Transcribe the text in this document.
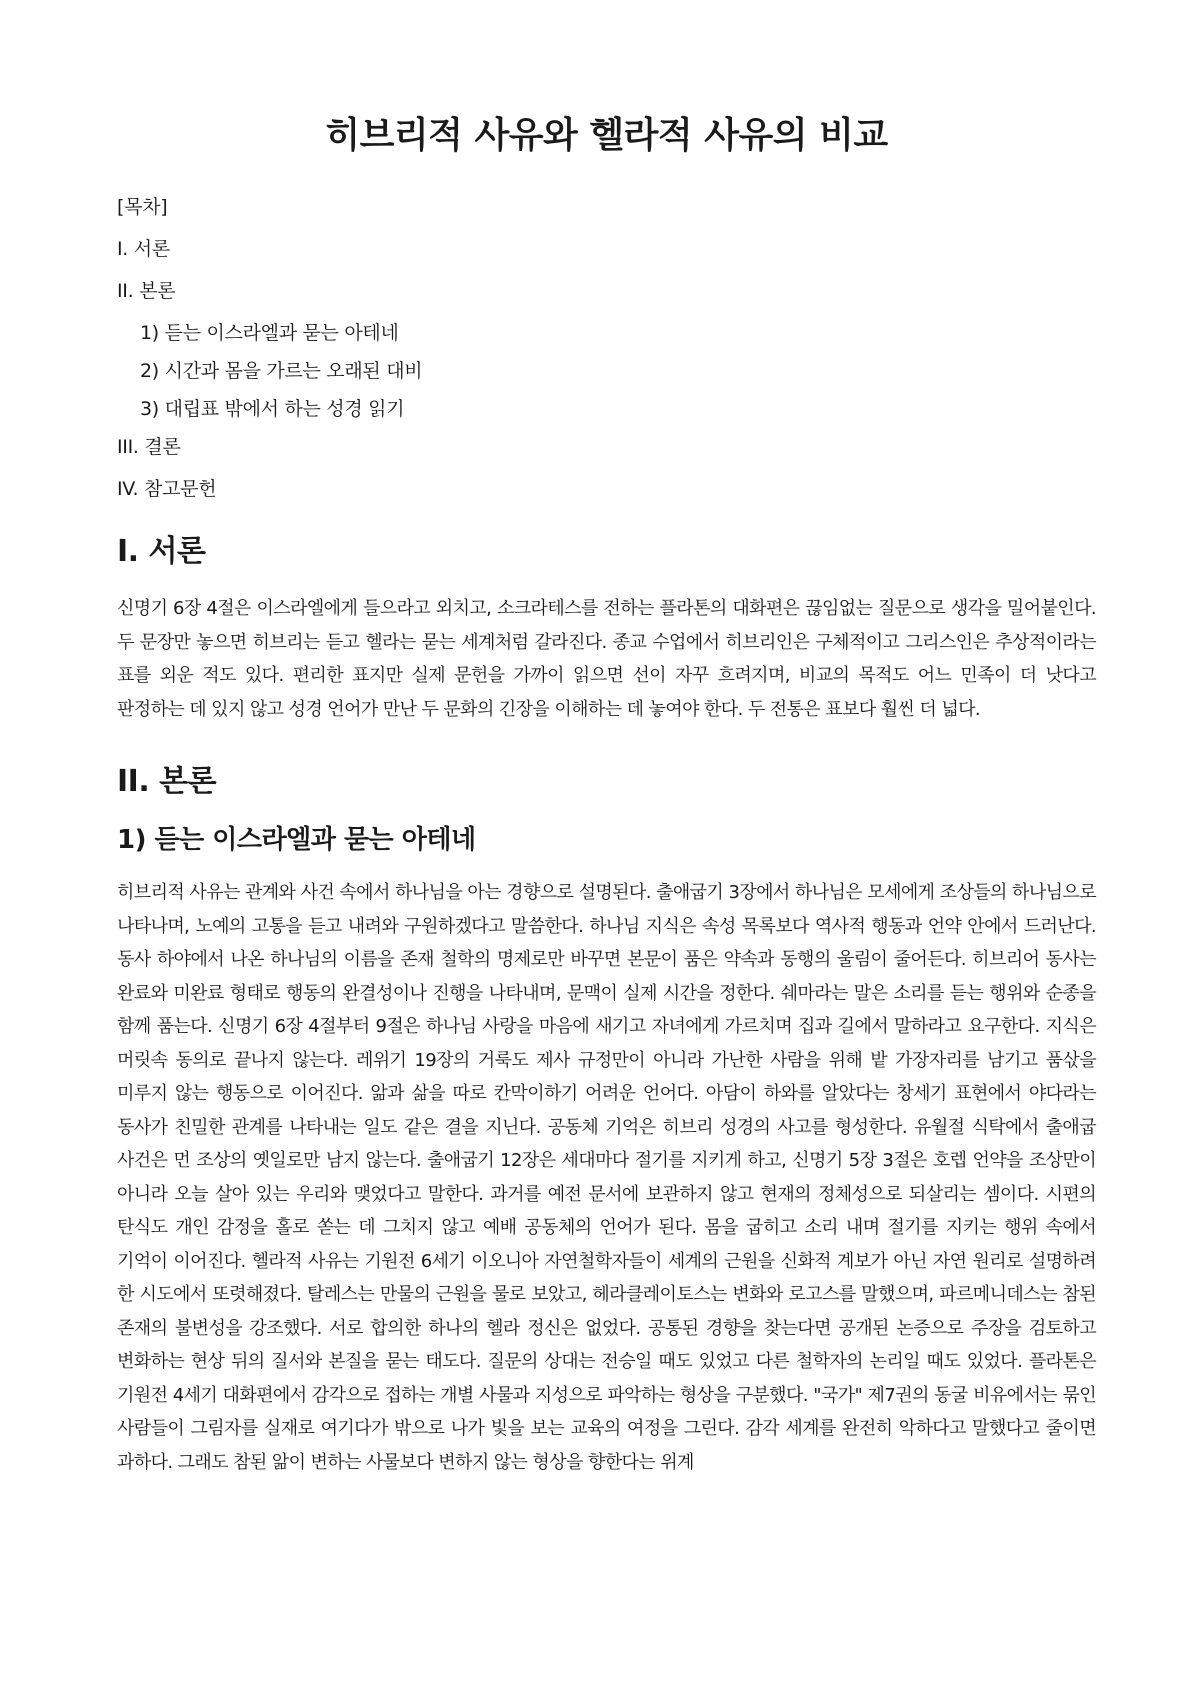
히브리적 사유와 헬라적 사유의 비교
[목차]
I. 서론
II. 본론
1) 듣는 이스라엘과 묻는 아테네
2) 시간과 몸을 가르는 오래된 대비
3) 대립표 밖에서 하는 성경 읽기
III. 결론
IV. 참고문헌
I. 서론

신명기 6장 4절은 이스라엘에게 들으라고 외치고, 소크라테스를 전하는 플라톤의 대화편은 끊임없는 질문으로 생각을 밀어붙인다. 두 문장만 놓으면 히브리는 듣고 헬라는 묻는 세계처럼 갈라진다. 종교 수업에서 히브리인은 구체적이고 그리스인은 추상적이라는 표를 외운 적도 있다. 편리한 표지만 실제 문헌을 가까이 읽으면 선이 자꾸 흐려지며, 비교의 목적도 어느 민족이 더 낫다고 판정하는 데 있지 않고 성경 언어가 만난 두 문화의 긴장을 이해하는 데 놓여야 한다. 두 전통은 표보다 훨씬 더 넓다.

II. 본론
1) 듣는 이스라엘과 묻는 아테네

히브리적 사유는 관계와 사건 속에서 하나님을 아는 경향으로 설명된다. 출애굽기 3장에서 하나님은 모세에게 조상들의 하나님으로 나타나며, 노예의 고통을 듣고 내려와 구원하겠다고 말씀한다. 하나님 지식은 속성 목록보다 역사적 행동과 언약 안에서 드러난다. 동사 하야에서 나온 하나님의 이름을 존재 철학의 명제로만 바꾸면 본문이 품은 약속과 동행의 울림이 줄어든다. 히브리어 동사는 완료와 미완료 형태로 행동의 완결성이나 진행을 나타내며, 문맥이 실제 시간을 정한다. 쉐마라는 말은 소리를 듣는 행위와 순종을 함께 품는다. 신명기 6장 4절부터 9절은 하나님 사랑을 마음에 새기고 자녀에게 가르치며 집과 길에서 말하라고 요구한다. 지식은 머릿속 동의로 끝나지 않는다. 레위기 19장의 거룩도 제사 규정만이 아니라 가난한 사람을 위해 밭 가장자리를 남기고 품삯을 미루지 않는 행동으로 이어진다. 앎과 삶을 따로 칸막이하기 어려운 언어다. 아담이 하와를 알았다는 창세기 표현에서 야다라는 동사가 친밀한 관계를 나타내는 일도 같은 결을 지닌다. 공동체 기억은 히브리 성경의 사고를 형성한다. 유월절 식탁에서 출애굽 사건은 먼 조상의 옛일로만 남지 않는다. 출애굽기 12장은 세대마다 절기를 지키게 하고, 신명기 5장 3절은 호렙 언약을 조상만이 아니라 오늘 살아 있는 우리와 맺었다고 말한다. 과거를 예전 문서에 보관하지 않고 현재의 정체성으로 되살리는 셈이다. 시편의 탄식도 개인 감정을 홀로 쏟는 데 그치지 않고 예배 공동체의 언어가 된다. 몸을 굽히고 소리 내며 절기를 지키는 행위 속에서 기억이 이어진다. 헬라적 사유는 기원전 6세기 이오니아 자연철학자들이 세계의 근원을 신화적 계보가 아닌 자연 원리로 설명하려 한 시도에서 또렷해졌다. 탈레스는 만물의 근원을 물로 보았고, 헤라클레이토스는 변화와 로고스를 말했으며, 파르메니데스는 참된 존재의 불변성을 강조했다. 서로 합의한 하나의 헬라 정신은 없었다. 공통된 경향을 찾는다면 공개된 논증으로 주장을 검토하고 변화하는 현상 뒤의 질서와 본질을 묻는 태도다. 질문의 상대는 전승일 때도 있었고 다른 철학자의 논리일 때도 있었다. 플라톤은 기원전 4세기 대화편에서 감각으로 접하는 개별 사물과 지성으로 파악하는 형상을 구분했다. "국가" 제7권의 동굴 비유에서는 묶인 사람들이 그림자를 실재로 여기다가 밖으로 나가 빛을 보는 교육의 여정을 그린다. 감각 세계를 완전히 악하다고 말했다고 줄이면 과하다. 그래도 참된 앎이 변하는 사물보다 변하지 않는 형상을 향한다는 위계
